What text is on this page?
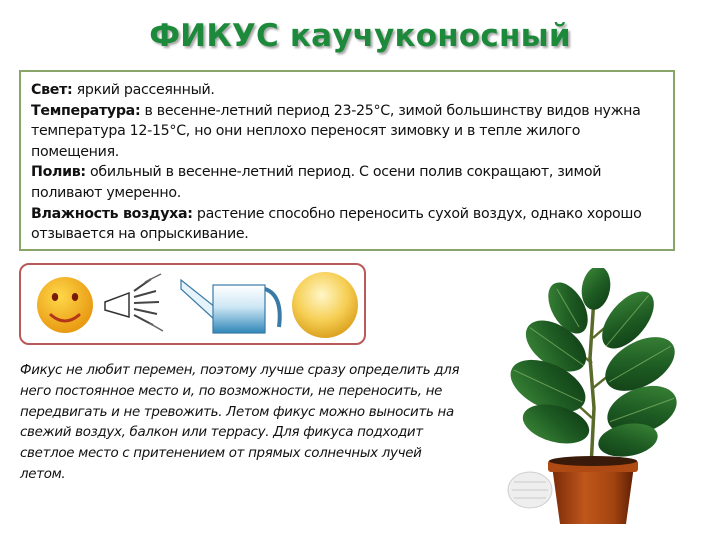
ФИКУС каучуконосный

Свет: яркий рассеянный.

Температура: в весенне-летний период 23-25°С, зимой большинству видов нужна температура 12-15°С, но они неплохо переносят зимовку и в тепле жилого помещения.

Полив: обильный в весенне-летний период. С осени полив сокращают, зимой поливают умеренно.

Влажность воздуха: растение способно переносить сухой воздух, однако хорошо отзывается на опрыскивание.

Фикус не любит перемен, поэтому лучше сразу определить для него постоянное место и, по возможности, не переносить, не передвигать и не тревожить. Летом фикус можно выносить на свежий воздух, балкон или террасу. Для фикуса подходит светлое место с притенением от прямых солнечных лучей летом.
